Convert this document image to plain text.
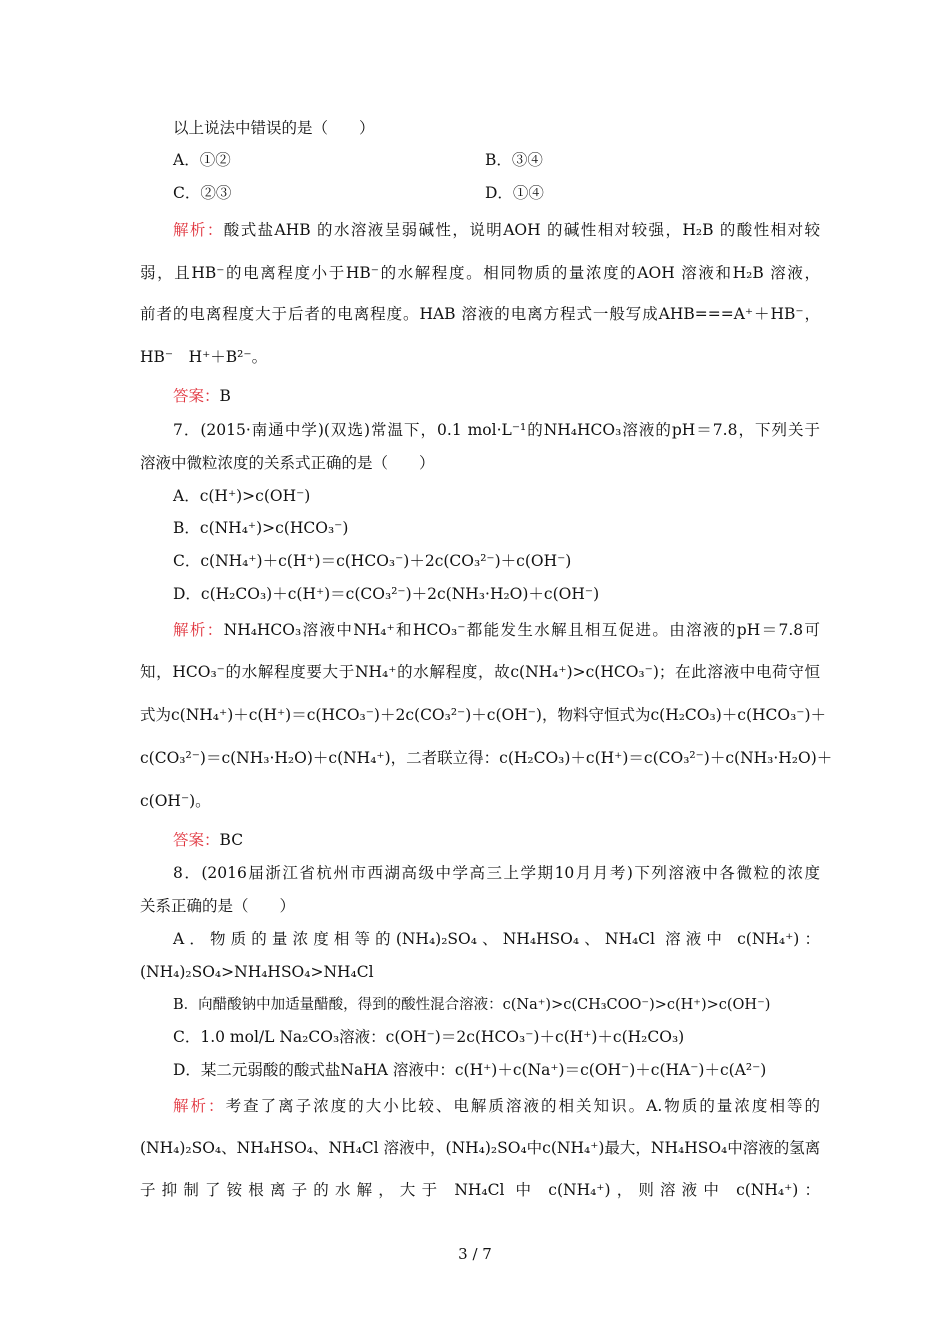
以上说法中错误的是（　　）
A．①②	B．③④
C．②③	D．①④
解析：酸式盐AHB 的水溶液呈弱碱性，说明AOH 的碱性相对较强，H₂B 的酸性相对较
弱，且HB⁻的电离程度小于HB⁻的水解程度。相同物质的量浓度的AOH 溶液和H₂B 溶液，
前者的电离程度大于后者的电离程度。HAB 溶液的电离方程式一般写成AHB===A⁺＋HB⁻，
HB⁻　H⁺＋B²⁻。
答案：B
7．(2015·南通中学)(双选)常温下，0.1 mol·L⁻¹的NH₄HCO₃溶液的pH＝7.8，下列关于
溶液中微粒浓度的关系式正确的是（　　）
A．c(H⁺)>c(OH⁻)
B．c(NH₄⁺)>c(HCO₃⁻)
C．c(NH₄⁺)＋c(H⁺)＝c(HCO₃⁻)＋2c(CO₃²⁻)＋c(OH⁻)
D．c(H₂CO₃)＋c(H⁺)＝c(CO₃²⁻)＋2c(NH₃·H₂O)＋c(OH⁻)
解析：NH₄HCO₃溶液中NH₄⁺和HCO₃⁻都能发生水解且相互促进。由溶液的pH＝7.8可
知，HCO₃⁻的水解程度要大于NH₄⁺的水解程度，故c(NH₄⁺)>c(HCO₃⁻)；在此溶液中电荷守恒
式为c(NH₄⁺)＋c(H⁺)＝c(HCO₃⁻)＋2c(CO₃²⁻)＋c(OH⁻)，物料守恒式为c(H₂CO₃)＋c(HCO₃⁻)＋
c(CO₃²⁻)＝c(NH₃·H₂O)＋c(NH₄⁺)，二者联立得：c(H₂CO₃)＋c(H⁺)＝c(CO₃²⁻)＋c(NH₃·H₂O)＋
c(OH⁻)。
答案：BC
8．(2016届浙江省杭州市西湖高级中学高三上学期10月月考)下列溶液中各微粒的浓度
关系正确的是（　　）
A．物质的量浓度相等的(NH₄)₂SO₄、NH₄HSO₄、NH₄Cl 溶液中 c(NH₄⁺)：
(NH₄)₂SO₄>NH₄HSO₄>NH₄Cl
B．向醋酸钠中加适量醋酸，得到的酸性混合溶液：c(Na⁺)>c(CH₃COO⁻)>c(H⁺)>c(OH⁻)
C．1.0 mol/L Na₂CO₃溶液：c(OH⁻)＝2c(HCO₃⁻)＋c(H⁺)＋c(H₂CO₃)
D．某二元弱酸的酸式盐NaHA 溶液中：c(H⁺)＋c(Na⁺)＝c(OH⁻)＋c(HA⁻)＋c(A²⁻)
解析：考查了离子浓度的大小比较、电解质溶液的相关知识。A.物质的量浓度相等的
(NH₄)₂SO₄、NH₄HSO₄、NH₄Cl 溶液中，(NH₄)₂SO₄中c(NH₄⁺)最大，NH₄HSO₄中溶液的氢离
子抑制了铵根离子的水解，大于 NH₄Cl 中 c(NH₄⁺)，则溶液中 c(NH₄⁺)：
3 / 7
